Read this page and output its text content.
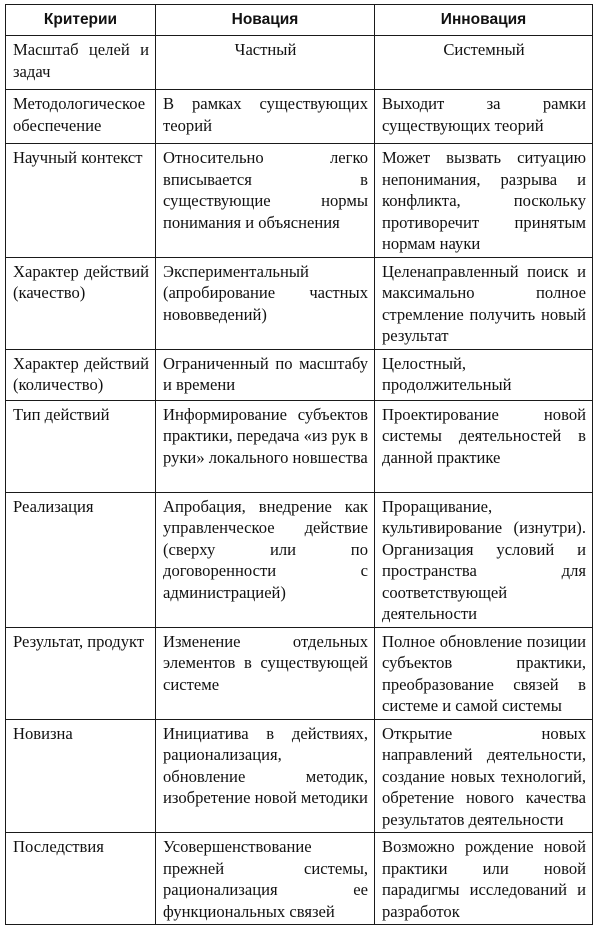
Критерии	Новация	Инновация
Масштаб целей и задач	Частный	Системный
Методологическое обеспечение	В рамках существующих теорий	Выходит за рамки существующих теорий
Научный контекст	Относительно легко вписывается в существующие нормы понимания и объяснения	Может вызвать ситуацию непонимания, разрыва и конфликта, поскольку противоречит принятым нормам науки
Характер действий (качество)	Экспериментальный (апробирование частных нововведений)	Целенаправленный поиск и максимально полное стремление получить новый результат
Характер действий (количество)	Ограниченный по масштабу и времени	Целостный, продолжительный
Тип действий	Информирование субъектов практики, передача «из рук в руки» локального новшества	Проектирование новой системы деятельностей в данной практике
Реализация	Апробация, внедрение как управленческое действие (сверху или по договоренности с администрацией)	Проращивание, культивирование (изнутри). Организация условий и пространства для соответствующей деятельности
Результат, продукт	Изменение отдельных элементов в существующей системе	Полное обновление позиции субъектов практики, преобразование связей в системе и самой системы
Новизна	Инициатива в действиях, рационализация, обновление методик, изобретение новой методики	Открытие новых направлений деятельности, создание новых технологий, обретение нового качества результатов деятельности
Последствия	Усовершенствование прежней системы, рационализация ее функциональных связей	Возможно рождение новой практики или новой парадигмы исследований и разработок
